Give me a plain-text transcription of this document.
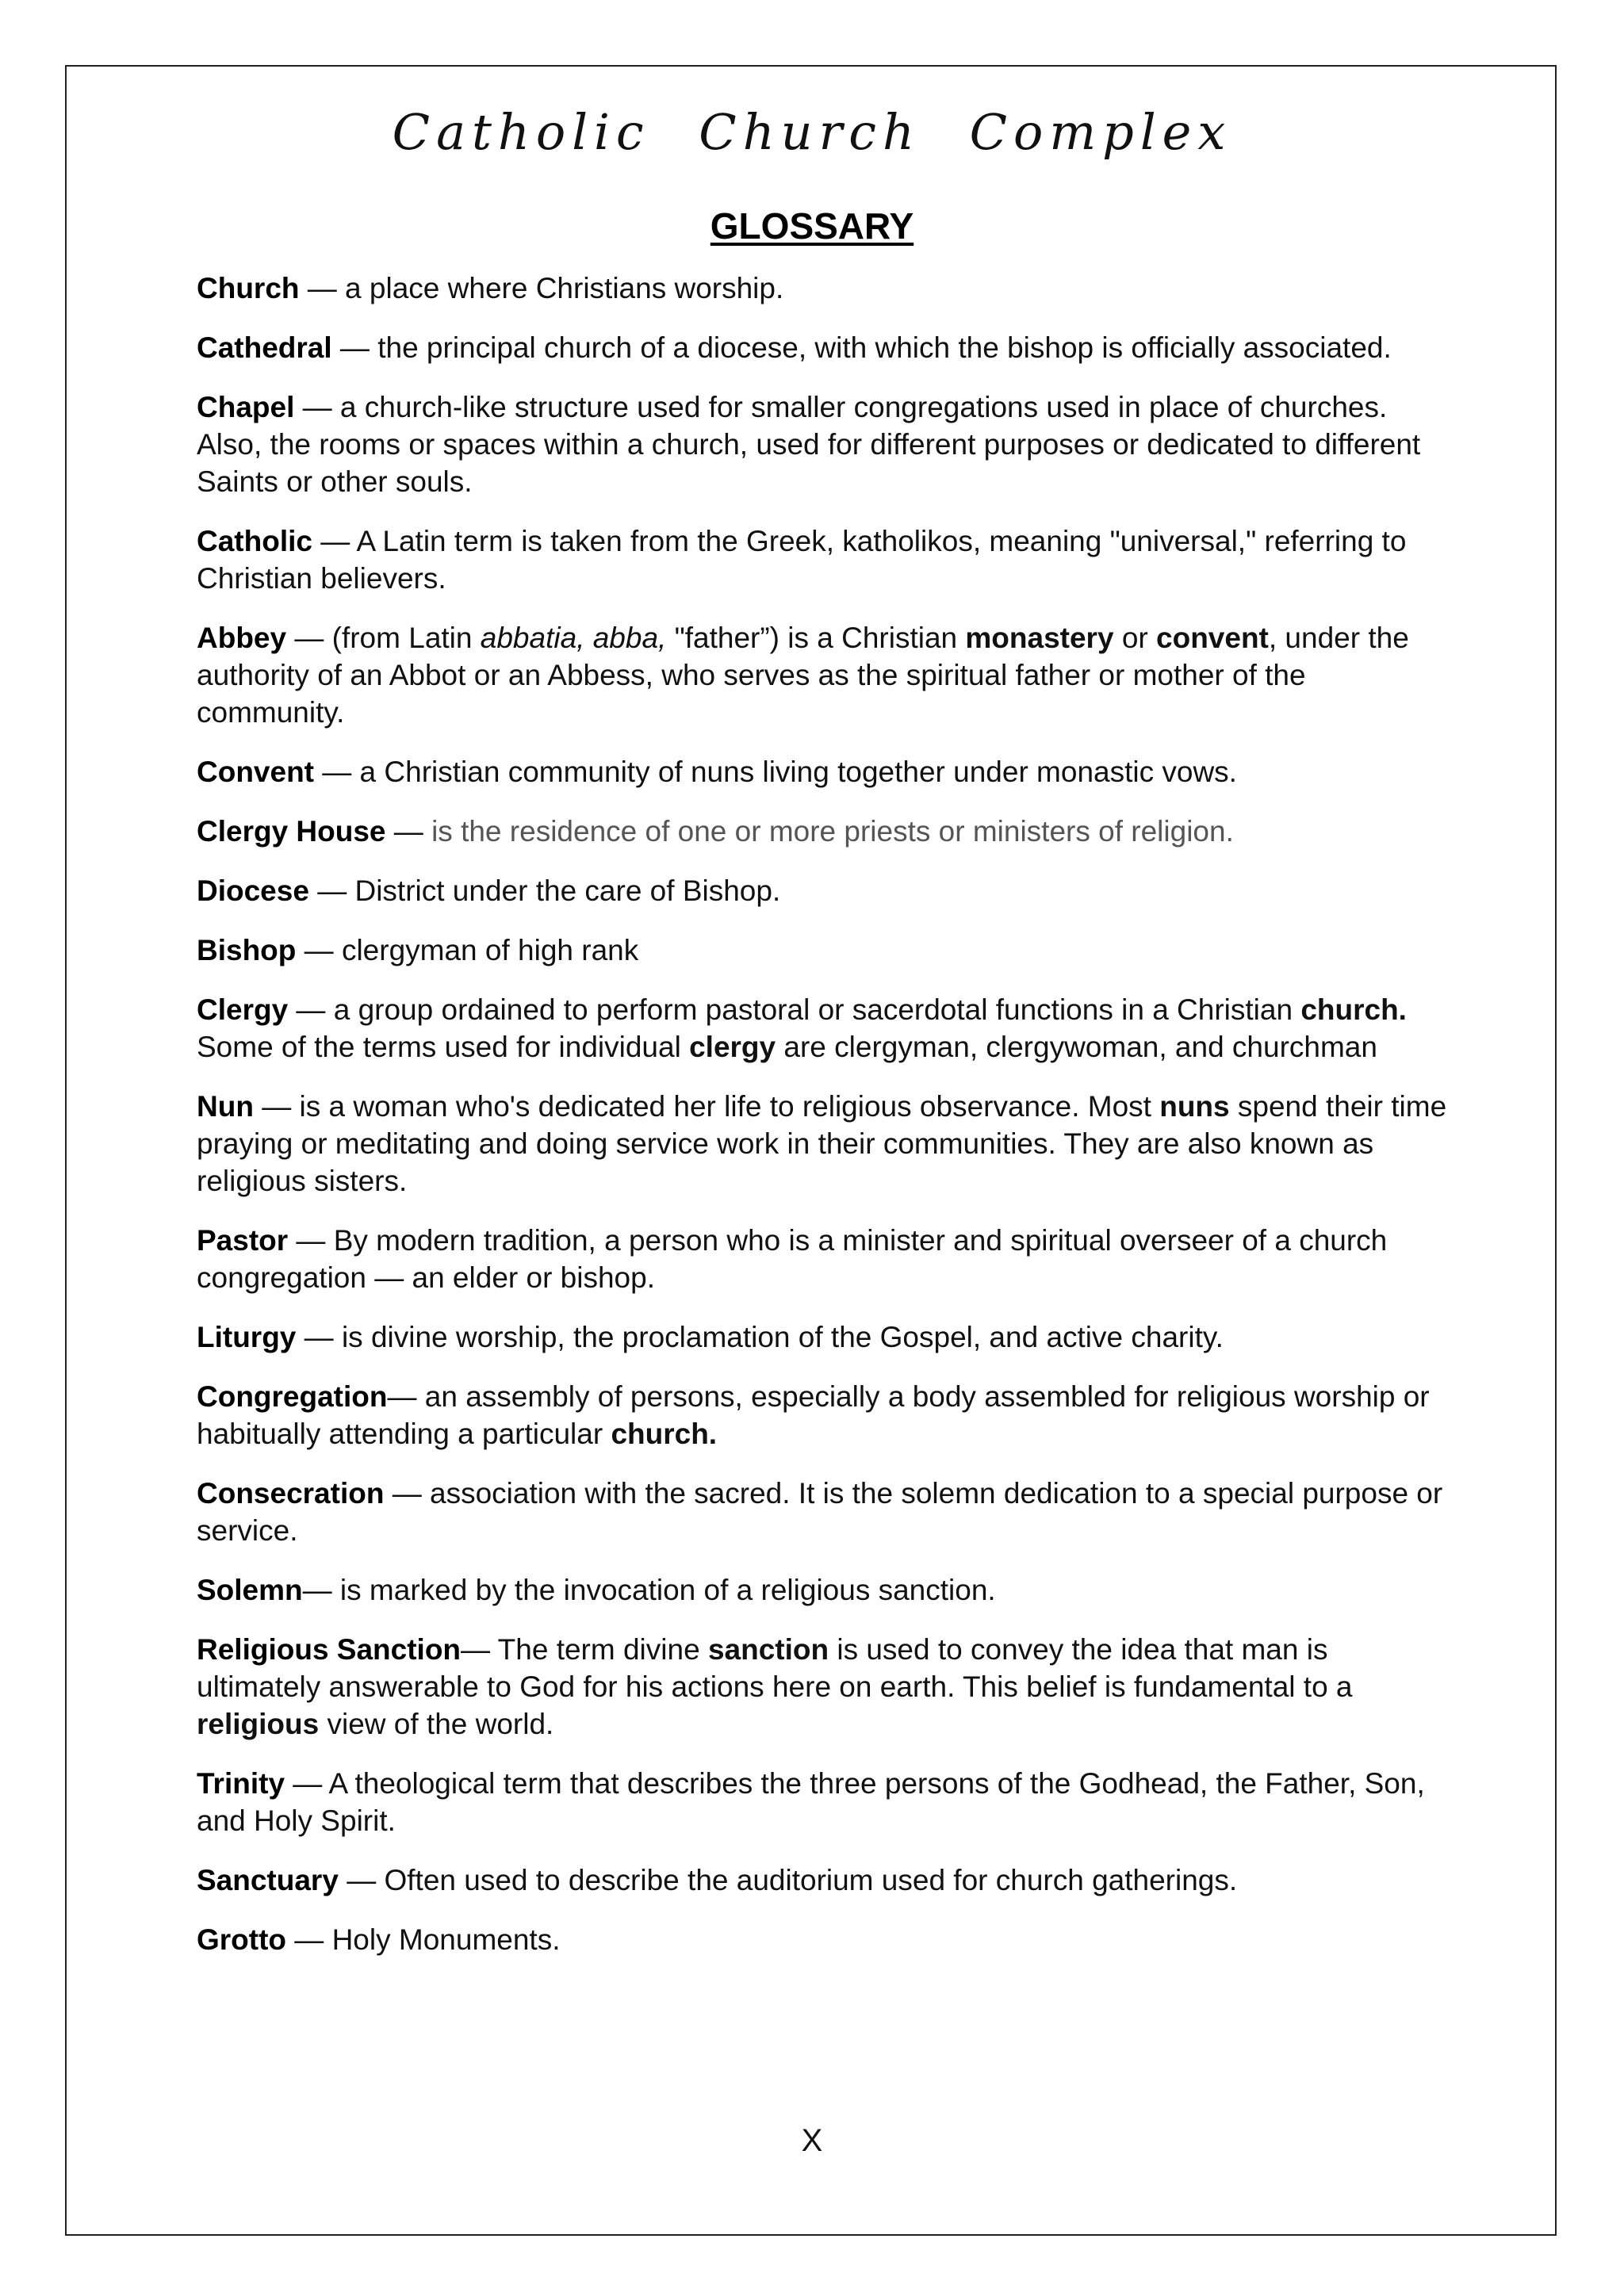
Catholic Church Complex
GLOSSARY

Church — a place where Christians worship.

Cathedral — the principal church of a diocese, with which the bishop is officially associated.

Chapel — a church-like structure used for smaller congregations used in place of churches. Also, the rooms or spaces within a church, used for different purposes or dedicated to different Saints or other souls.

Catholic — A Latin term is taken from the Greek, katholikos, meaning "universal," referring to Christian believers.

Abbey — (from Latin abbatia, abba, "father”) is a Christian monastery or convent, under the authority of an Abbot or an Abbess, who serves as the spiritual father or mother of the community.

Convent — a Christian community of nuns living together under monastic vows.

Clergy House — is the residence of one or more priests or ministers of religion.

Diocese — District under the care of Bishop.

Bishop — clergyman of high rank

Clergy — a group ordained to perform pastoral or sacerdotal functions in a Christian church. Some of the terms used for individual clergy are clergyman, clergywoman, and churchman

Nun — is a woman who's dedicated her life to religious observance. Most nuns spend their time praying or meditating and doing service work in their communities. They are also known as religious sisters.

Pastor — By modern tradition, a person who is a minister and spiritual overseer of a church congregation — an elder or bishop.

Liturgy — is divine worship, the proclamation of the Gospel, and active charity.

Congregation— an assembly of persons, especially a body assembled for religious worship or habitually attending a particular church.

Consecration — association with the sacred. It is the solemn dedication to a special purpose or service.

Solemn— is marked by the invocation of a religious sanction.

Religious Sanction— The term divine sanction is used to convey the idea that man is ultimately answerable to God for his actions here on earth. This belief is fundamental to a religious view of the world.

Trinity — A theological term that describes the three persons of the Godhead, the Father, Son, and Holy Spirit.

Sanctuary — Often used to describe the auditorium used for church gatherings.

Grotto — Holy Monuments.

X
